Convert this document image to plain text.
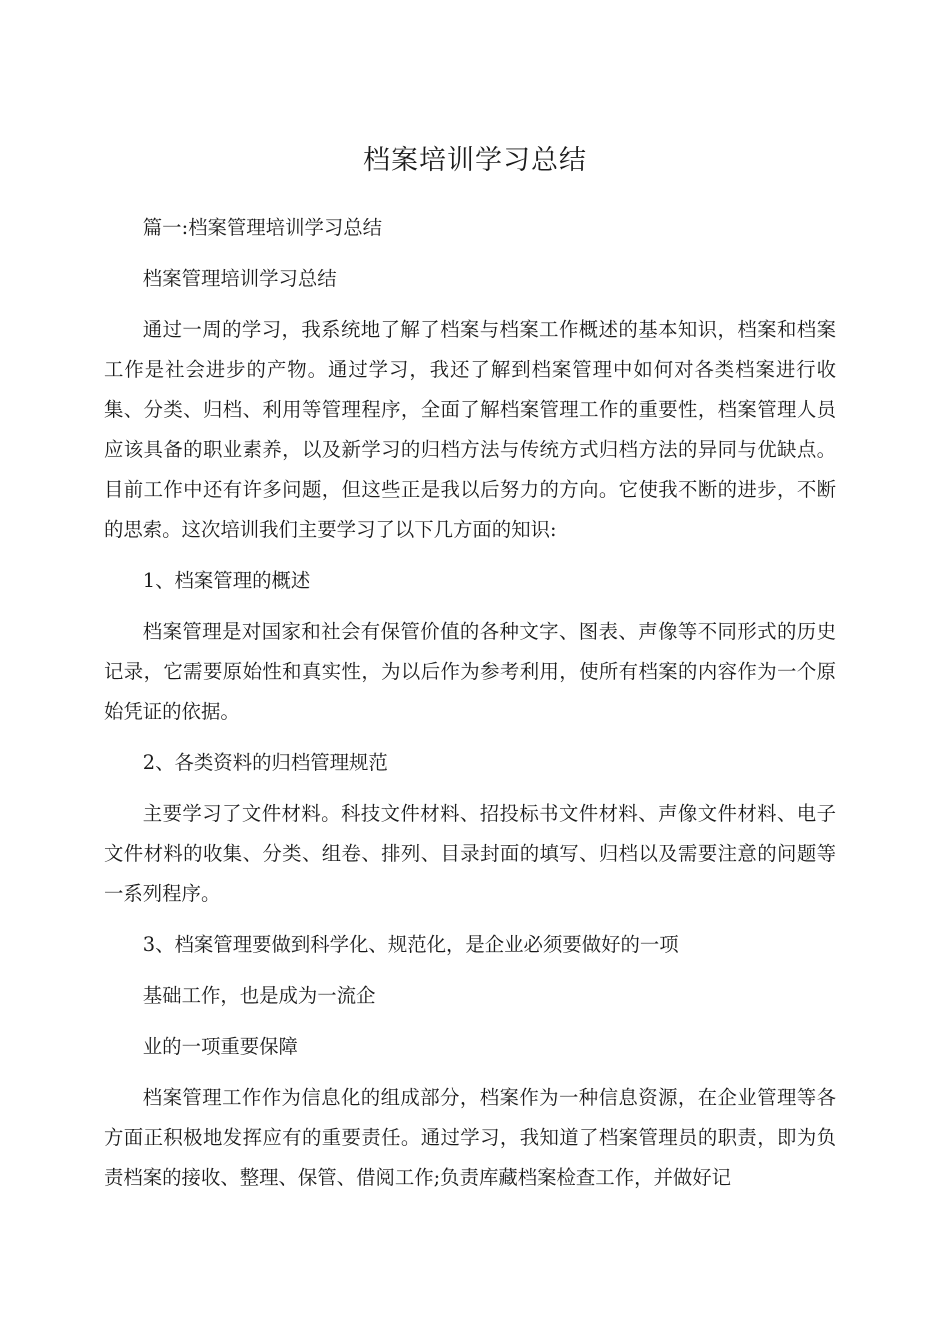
档案培训学习总结

篇一:档案管理培训学习总结

档案管理培训学习总结

通过一周的学习，我系统地了解了档案与档案工作概述的基本知识，档案和档案工作是社会进步的产物。通过学习，我还了解到档案管理中如何对各类档案进行收集、分类、归档、利用等管理程序，全面了解档案管理工作的重要性，档案管理人员应该具备的职业素养，以及新学习的归档方法与传统方式归档方法的异同与优缺点。目前工作中还有许多问题，但这些正是我以后努力的方向。它使我不断的进步，不断的思索。这次培训我们主要学习了以下几方面的知识:

1、档案管理的概述

档案管理是对国家和社会有保管价值的各种文字、图表、声像等不同形式的历史记录，它需要原始性和真实性，为以后作为参考利用，使所有档案的内容作为一个原始凭证的依据。

2、各类资料的归档管理规范

主要学习了文件材料。科技文件材料、招投标书文件材料、声像文件材料、电子文件材料的收集、分类、组卷、排列、目录封面的填写、归档以及需要注意的问题等一系列程序。

3、档案管理要做到科学化、规范化，是企业必须要做好的一项

基础工作，也是成为一流企

业的一项重要保障

档案管理工作作为信息化的组成部分，档案作为一种信息资源，在企业管理等各方面正积极地发挥应有的重要责任。通过学习，我知道了档案管理员的职责，即为负责档案的接收、整理、保管、借阅工作;负责库藏档案检查工作，并做好记
